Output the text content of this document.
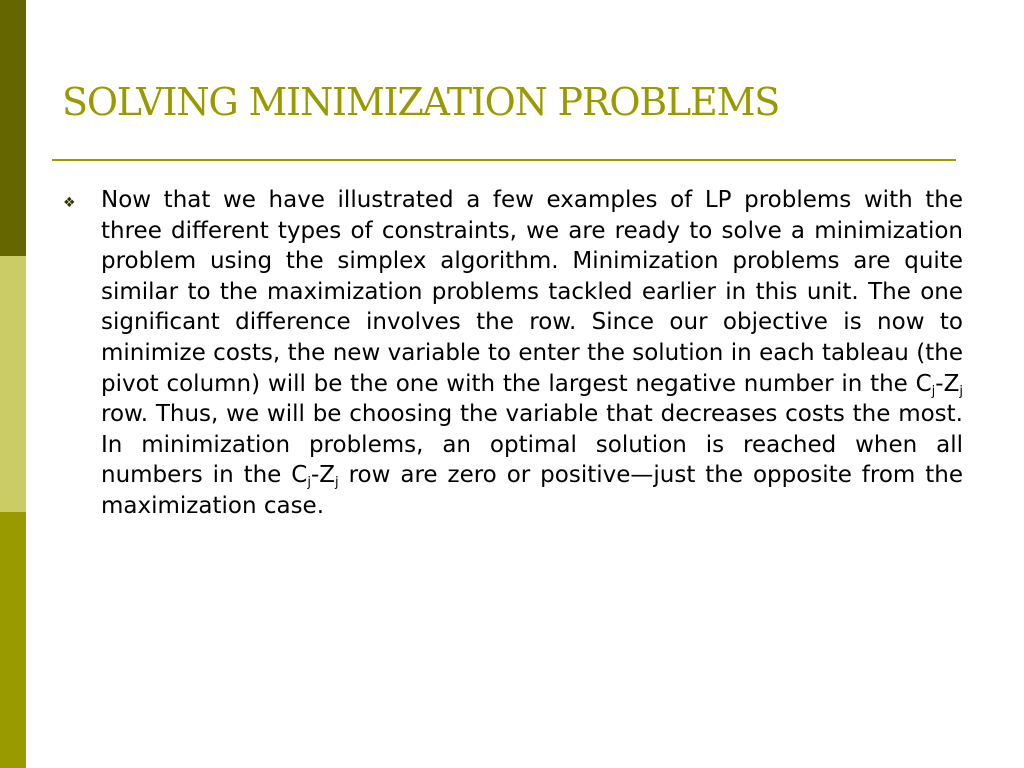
SOLVING MINIMIZATION PROBLEMS
❖ Now that we have illustrated a few examples of LP problems with the three different types of constraints, we are ready to solve a minimization problem using the simplex algorithm. Minimization problems are quite similar to the maximization problems tackled earlier in this unit. The one significant difference involves the row. Since our objective is now to minimize costs, the new variable to enter the solution in each tableau (the pivot column) will be the one with the largest negative number in the $C_j-Z_j$ row. Thus, we will be choosing the variable that decreases costs the most. In minimization problems, an optimal solution is reached when all numbers in the $C_j-Z_j$ row are zero or positive—just the opposite from the maximization case.
